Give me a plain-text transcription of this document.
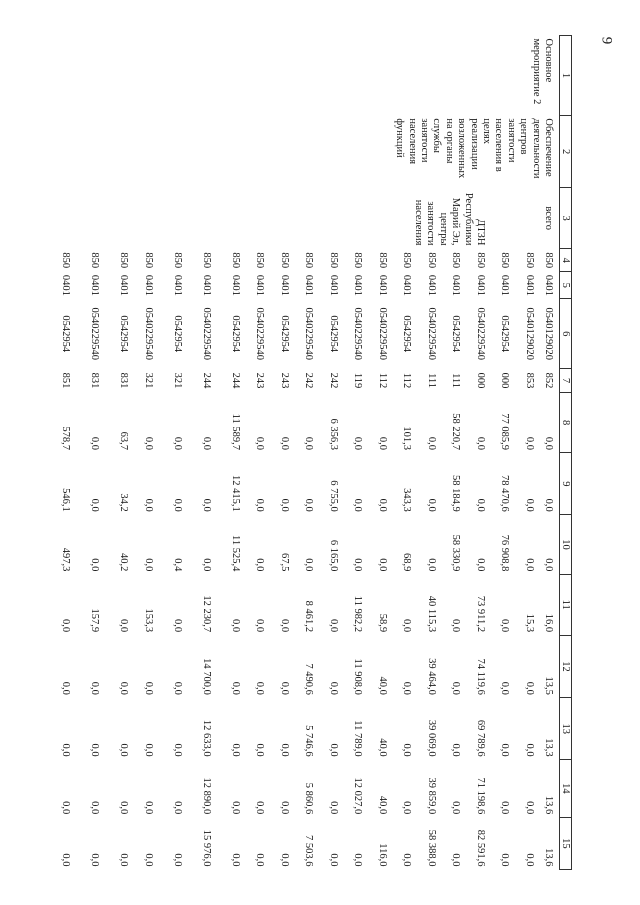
9
1	2	3	4	5	6	7	8	9	10	11	12	13	14	15
Основное мероприятие 2	Обеспечение деятельности центров занятости населения в целях реализации возложенных на органы службы занятости населения функций	всего	850	0401	0540129020	852	0,0	0,0	0,0	16,0	13,5	13,3	13,6	13,6
			850	0401	0540129020	853	0,0	0,0	0,0	15,3	0,0	0,0	0,0	0,0
			850	0401	0542954	000	77 085,9	78 470,6	76 908,8	0,0	0,0	0,0	0,0	0,0
		ДТЗН Республики Марий Эл, центры занятости населения	850	0401	0540229540	000	0,0	0,0	0,0	73 911,2	74 119,6	69 789,6	71 198,6	82 591,6
			850	0401	0542954	111	58 220,7	58 184,9	58 330,9	0,0	0,0	0,0	0,0	0,0
			850	0401	0540229540	111	0,0	0,0	0,0	40 115,3	39 464,0	39 069,0	39 859,0	58 388,0
			850	0401	0542954	112	101,3	343,3	68,9	0,0	0,0	0,0	0,0	0,0
			850	0401	0540229540	112	0,0	0,0	0,0	58,9	40,0	40,0	40,0	116,0
			850	0401	0540229540	119	0,0	0,0	0,0	11 982,2	11 908,0	11 789,0	12 027,0	0,0
			850	0401	0542954	242	6 356,3	6 755,0	6 165,0	0,0	0,0	0,0	0,0	0,0
			850	0401	0540229540	242	0,0	0,0	0,0	8 461,2	7 490,6	5 746,6	5 860,6	7 503,6
			850	0401	0542954	243	0,0	0,0	67,5	0,0	0,0	0,0	0,0	0,0
			850	0401	0540229540	243	0,0	0,0	0,0	0,0	0,0	0,0	0,0	0,0
			850	0401	0542954	244	11 589,7	12 415,1	11 525,4	0,0	0,0	0,0	0,0	0,0
			850	0401	0540229540	244	0,0	0,0	0,0	12 230,7	14 700,0	12 633,0	12 890,0	15 976,0
			850	0401	0542954	321	0,0	0,0	0,4	0,0	0,0	0,0	0,0	0,0
			850	0401	0540229540	321	0,0	0,0	0,0	153,3	0,0	0,0	0,0	0,0
			850	0401	0542954	831	63,7	34,2	40,2	0,0	0,0	0,0	0,0	0,0
			850	0401	0540229540	831	0,0	0,0	0,0	157,9	0,0	0,0	0,0	0,0
			850	0401	0542954	851	578,7	546,1	497,3	0,0	0,0	0,0	0,0	0,0
